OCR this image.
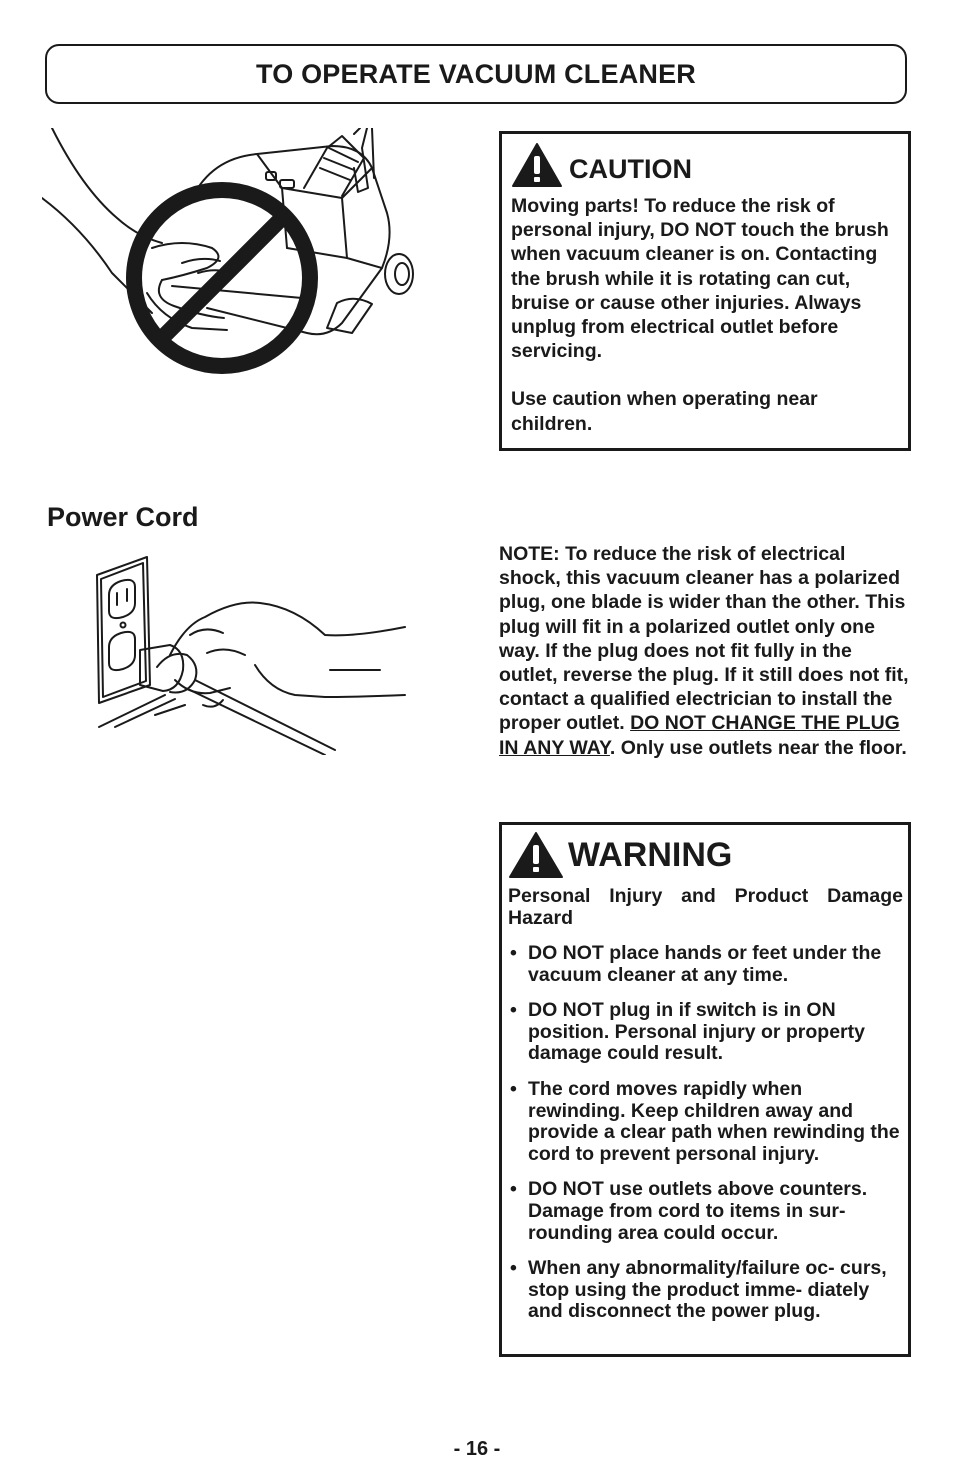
TO OPERATE VACUUM CLEANER
CAUTION

Moving parts! To reduce the risk of personal injury, DO NOT touch the brush when vacuum cleaner is on. Contacting the brush while it is rotating can cut, bruise or cause other injuries. Always unplug from electrical outlet before servicing.

Use caution when operating near children.

Power Cord
NOTE: To reduce the risk of electrical shock, this vacuum cleaner has a polarized plug, one blade is wider than the other. This plug will fit in a polarized outlet only one way. If the plug does not fit fully in the outlet, reverse the plug. If it still does not fit, contact a qualified electrician to install the proper outlet. DO NOT CHANGE THE PLUG IN ANY WAY. Only use outlets near the floor.
WARNING
Personal Injury and Product Damage
Hazard
• DO NOT place hands or feet under the vacuum cleaner at any time.
• DO NOT plug in if switch is in ON position. Personal injury or property damage could result.
• The cord moves rapidly when rewinding. Keep children away and provide a clear path when rewinding the cord to prevent personal injury.
• DO NOT use outlets above counters. Damage from cord to items in sur- rounding area could occur.
• When any abnormality/failure oc- curs, stop using the product imme- diately and disconnect the power plug.
- 16 -
